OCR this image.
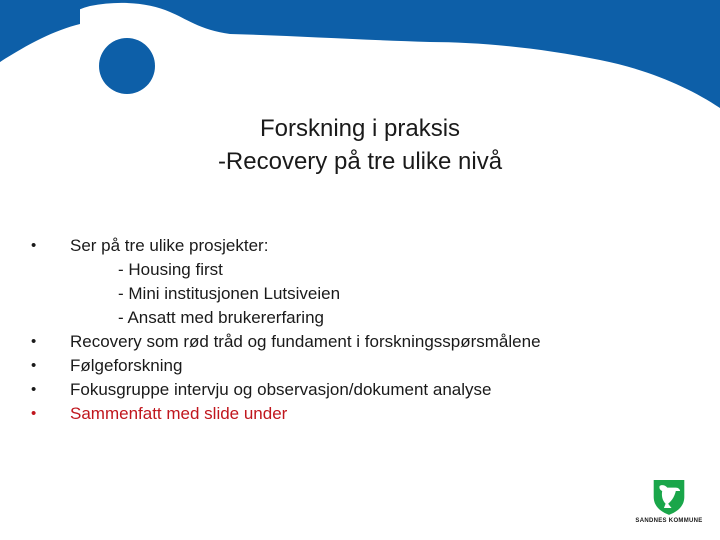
Forskning i praksis
-Recovery på tre ulike nivå
• Ser på tre ulike prosjekter:
- Housing first
- Mini institusjonen Lutsiveien
- Ansatt med brukererfaring
• Recovery som rød tråd og fundament i forskningsspørsmålene
• Følgeforskning
• Fokusgruppe intervju og observasjon/dokument analyse
• Sammenfatt med slide under
SANDNES KOMMUNE
